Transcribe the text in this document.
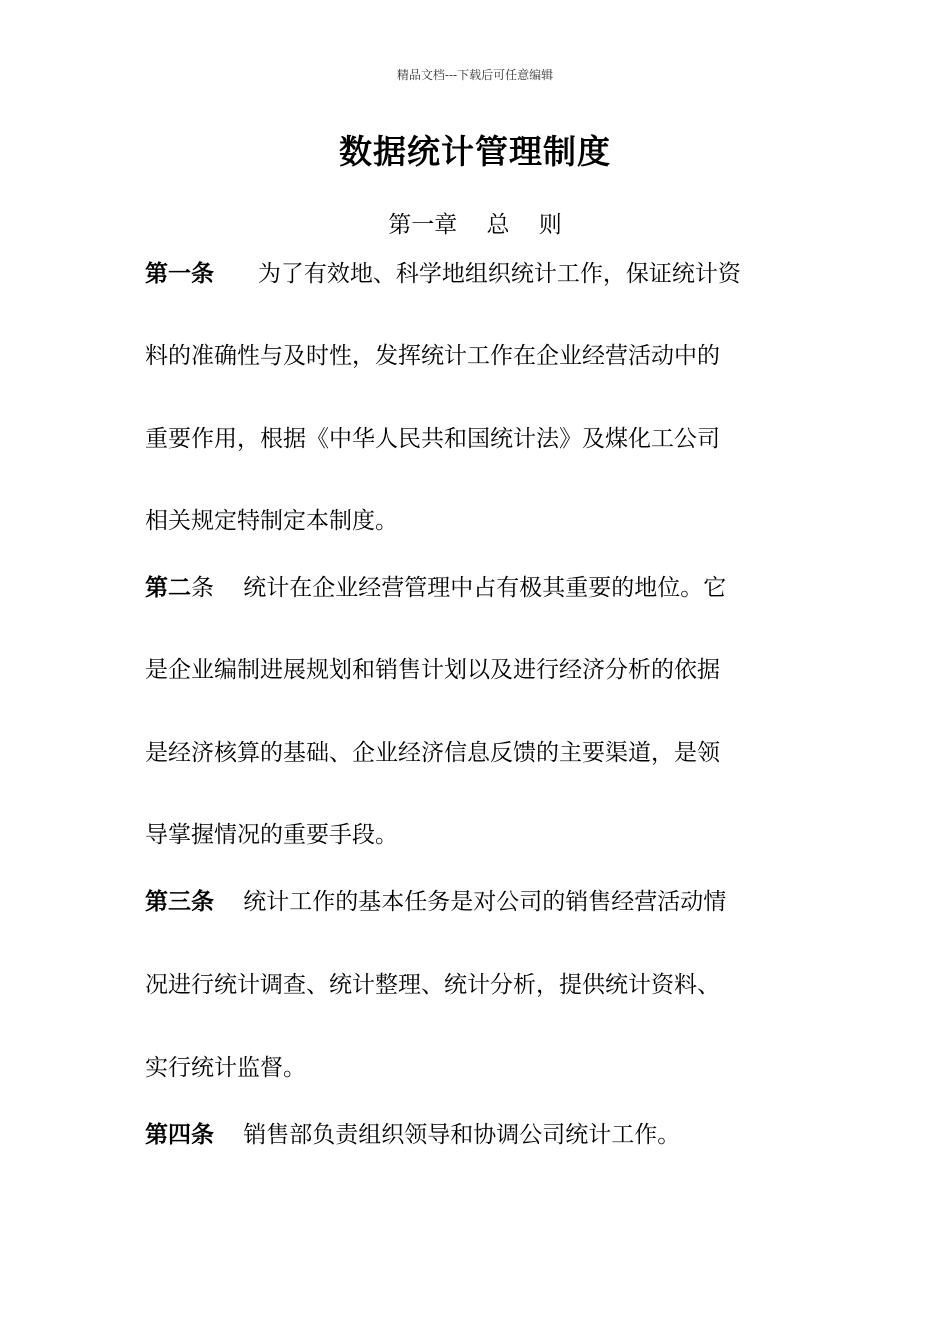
精品文档---下载后可任意编辑
数据统计管理制度
第一章    总    则
第一条      为了有效地、科学地组织统计工作，保证统计资
料的准确性与及时性，发挥统计工作在企业经营活动中的
重要作用，根据《中华人民共和国统计法》及煤化工公司
相关规定特制定本制度。
第二条    统计在企业经营管理中占有极其重要的地位。它
是企业编制进展规划和销售计划以及进行经济分析的依据
是经济核算的基础、企业经济信息反馈的主要渠道，是领
导掌握情况的重要手段。
第三条    统计工作的基本任务是对公司的销售经营活动情
况进行统计调查、统计整理、统计分析，提供统计资料、
实行统计监督。
第四条    销售部负责组织领导和协调公司统计工作。
